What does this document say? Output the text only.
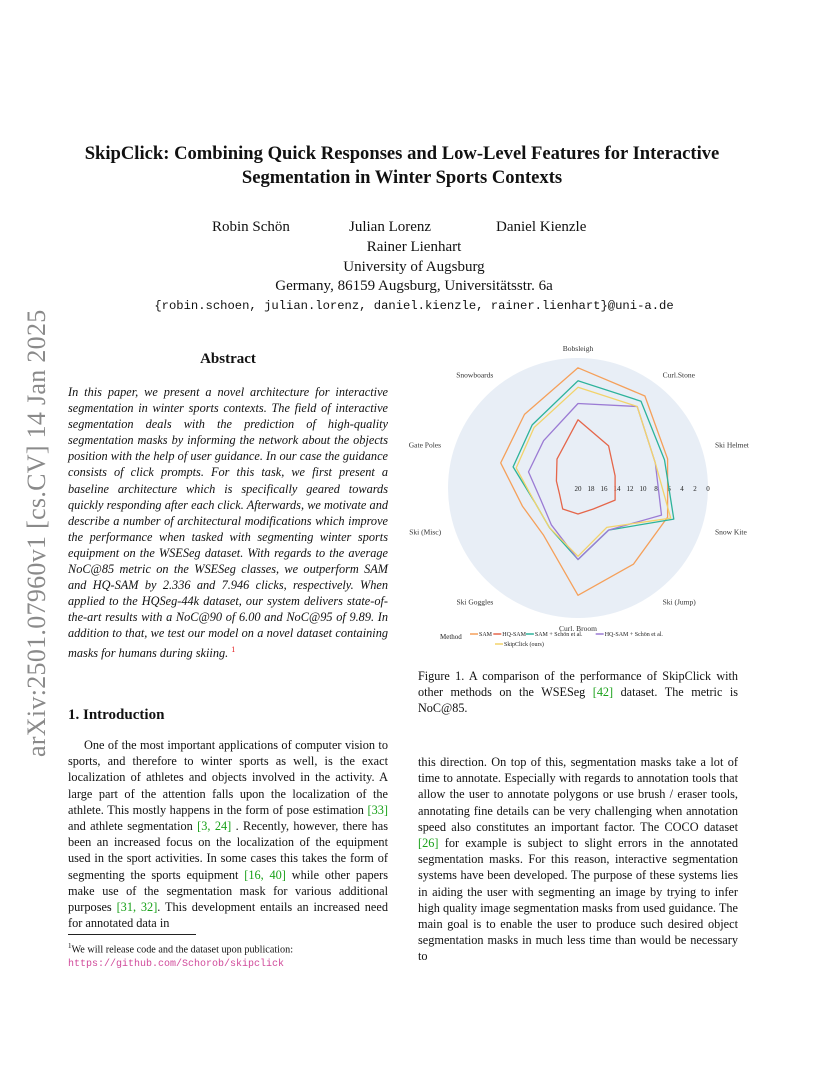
arXiv:2501.07960v1 [cs.CV] 14 Jan 2025
SkipClick: Combining Quick Responses and Low-Level Features for Interactive Segmentation in Winter Sports Contexts
Robin Schön	Julian Lorenz	Daniel Kienzle
Rainer Lienhart
University of Augsburg
Germany, 86159 Augsburg, Universitätsstr. 6a
{robin.schoen, julian.lorenz, daniel.kienzle, rainer.lienhart}@uni-a.de
Abstract
In this paper, we present a novel architecture for interactive segmentation in winter sports contexts. The field of interactive segmentation deals with the prediction of high-quality segmentation masks by informing the network about the objects position with the help of user guidance. In our case the guidance consists of click prompts. For this task, we first present a baseline architecture which is specifically geared towards quickly responding after each click. Afterwards, we motivate and describe a number of architectural modifications which improve the performance when tasked with segmenting winter sports equipment on the WSESeg dataset. With regards to the average NoC@85 metric on the WSESeg classes, we outperform SAM and HQ-SAM by 2.336 and 7.946 clicks, respectively. When applied to the HQSeg-44k dataset, our system delivers state-of-the-art results with a NoC@90 of 6.00 and NoC@95 of 9.89. In addition to that, we test our model on a novel dataset containing masks for humans during skiing. $^1$
1. Introduction
One of the most important applications of computer vision to sports, and therefore to winter sports as well, is the exact localization of athletes and objects involved in the activity. A large part of the attention falls upon the localization of the athlete. This mostly happens in the form of pose estimation [33] and athlete segmentation [3, 24] . Recently, however, there has been an increased focus on the localization of the equipment used in the sport activities. In some cases this takes the form of segmenting the sports equipment [16, 40] while other papers make use of the segmentation mask for various additional purposes [31, 32]. This development entails an increased need for annotated data in
$^1$We will release code and the dataset upon publication: https://github.com/Schorob/skipclick
Bobsleigh
Curl.Stone
Ski Helmet
Snow Kite
Ski (Jump)
Curl. Broom
Ski Goggles
Ski (Misc)
Gate Poles
Snowboards
20 18 16 14 12 10 8 6 4 2 0
Method	SAM HQ-SAM SAM + Schön et al.	HQ-SAM + Schön et al.
SkipClick (ours)
Figure 1. A comparison of the performance of SkipClick with other methods on the WSESeg [42] dataset. The metric is NoC@85.
this direction. On top of this, segmentation masks take a lot of time to annotate. Especially with regards to annotation tools that allow the user to annotate polygons or use brush / eraser tools, annotating fine details can be very challenging when annotation speed also constitutes an important factor. The COCO dataset [26] for example is subject to slight errors in the annotated segmentation masks. For this reason, interactive segmentation systems have been developed. The purpose of these systems lies in aiding the user with segmenting an image by trying to infer high quality image segmentation masks from used guidance. The main goal is to enable the user to produce such desired object segmentation masks in much less time than would be necessary to
